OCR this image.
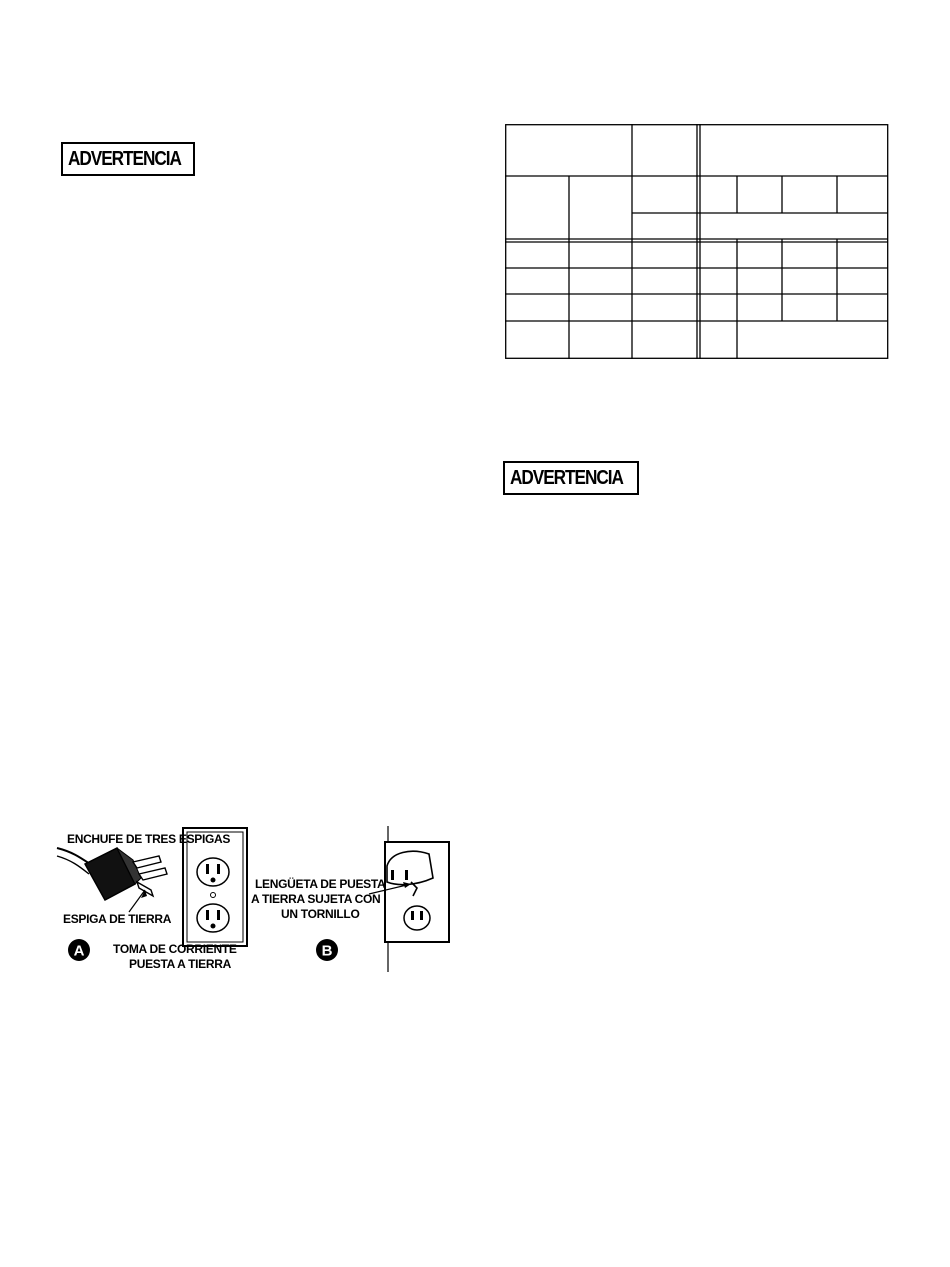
ADVERTENCIA
ADVERTENCIA
ENCHUFE DE TRES ESPIGAS
ESPIGA DE TIERRA
TOMA DE CORRIENTE
PUESTA A TIERRA
LENGÜETA DE PUESTA
A TIERRA SUJETA CON
UN TORNILLO
A	B
